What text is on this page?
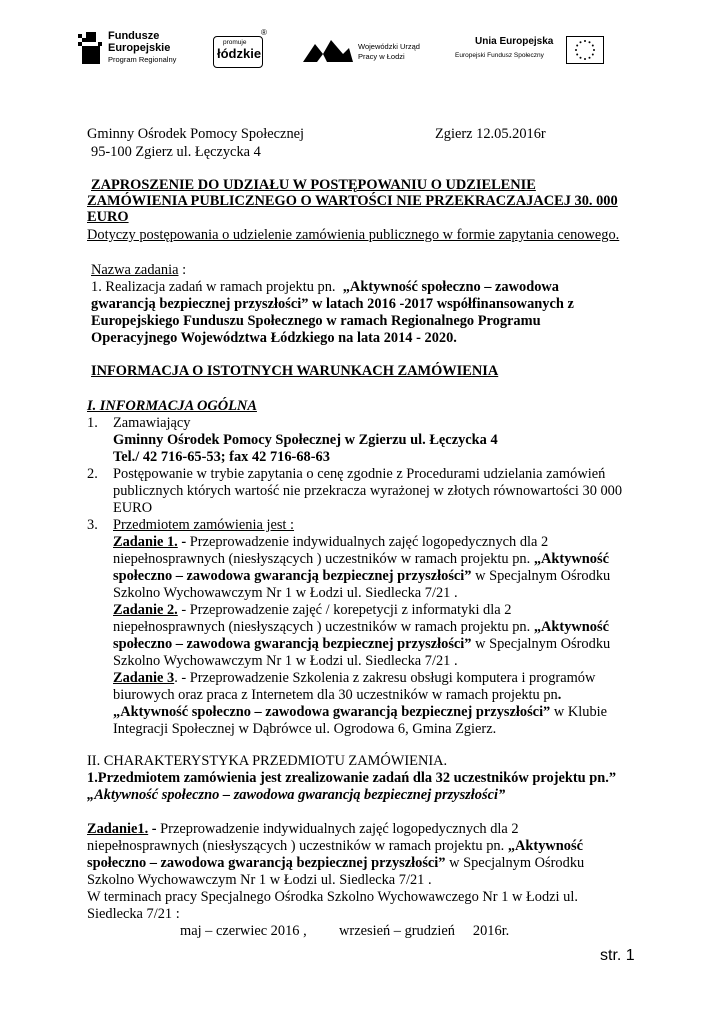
Fundusze
Europejskie
Program Regionalny
promuje
łódzkie
®
Wojewódzki Urząd
Pracy w Łodzi
Unia Europejska
Europejski Fundusz Społeczny
Gminny Ośrodek Pomocy Społecznej	Zgierz 12.05.2016r
95-100 Zgierz ul. Łęczycka 4
ZAPROSZENIE DO UDZIAŁU W POSTĘPOWANIU O UDZIELENIE
ZAMÓWIENIA PUBLICZNEGO O WARTOŚCI NIE PRZEKRACZAJACEJ 30. 000
EURO
Dotyczy postępowania o udzielenie zamówienia publicznego w formie zapytania cenowego.
Nazwa zadania :
1. Realizacja zadań w ramach projektu pn. „Aktywność społeczno – zawodowa
gwarancją bezpiecznej przyszłości” w latach 2016 -2017 współfinansowanych z
Europejskiego Funduszu Społecznego w ramach Regionalnego Programu
Operacyjnego Województwa Łódzkiego na lata 2014 - 2020.
INFORMACJA O ISTOTNYCH WARUNKACH ZAMÓWIENIA
I. INFORMACJA OGÓLNA
1. Zamawiający
Gminny Ośrodek Pomocy Społecznej w Zgierzu ul. Łęczycka 4
Tel./ 42 716-65-53; fax 42 716-68-63
2. Postępowanie w trybie zapytania o cenę zgodnie z Procedurami udzielania zamówień
publicznych których wartość nie przekracza wyrażonej w złotych równowartości 30 000
EURO
3. Przedmiotem zamówienia jest :
Zadanie 1. - Przeprowadzenie indywidualnych zajęć logopedycznych dla 2
niepełnosprawnych (niesłyszących ) uczestników w ramach projektu pn. „Aktywność
społeczno – zawodowa gwarancją bezpiecznej przyszłości” w Specjalnym Ośrodku
Szkolno Wychowawczym Nr 1 w Łodzi ul. Siedlecka 7/21 .
Zadanie 2. - Przeprowadzenie zajęć / korepetycji z informatyki dla 2
niepełnosprawnych (niesłyszących ) uczestników w ramach projektu pn. „Aktywność
społeczno – zawodowa gwarancją bezpiecznej przyszłości” w Specjalnym Ośrodku
Szkolno Wychowawczym Nr 1 w Łodzi ul. Siedlecka 7/21 .
Zadanie 3. - Przeprowadzenie Szkolenia z zakresu obsługi komputera i programów
biurowych oraz praca z Internetem dla 30 uczestników w ramach projektu pn.
„Aktywność społeczno – zawodowa gwarancją bezpiecznej przyszłości” w Klubie
Integracji Społecznej w Dąbrówce ul. Ogrodowa 6, Gmina Zgierz.
II. CHARAKTERYSTYKA PRZEDMIOTU ZAMÓWIENIA.
1.Przedmiotem zamówienia jest zrealizowanie zadań dla 32 uczestników projektu pn.”
„Aktywność społeczno – zawodowa gwarancją bezpiecznej przyszłości”
Zadanie1. - Przeprowadzenie indywidualnych zajęć logopedycznych dla 2
niepełnosprawnych (niesłyszących ) uczestników w ramach projektu pn. „Aktywność
społeczno – zawodowa gwarancją bezpiecznej przyszłości” w Specjalnym Ośrodku
Szkolno Wychowawczym Nr 1 w Łodzi ul. Siedlecka 7/21 .
W terminach pracy Specjalnego Ośrodka Szkolno Wychowawczego Nr 1 w Łodzi ul.
Siedlecka 7/21 :
maj – czerwiec 2016 ,         wrzesień – grudzień     2016r.
str. 1
